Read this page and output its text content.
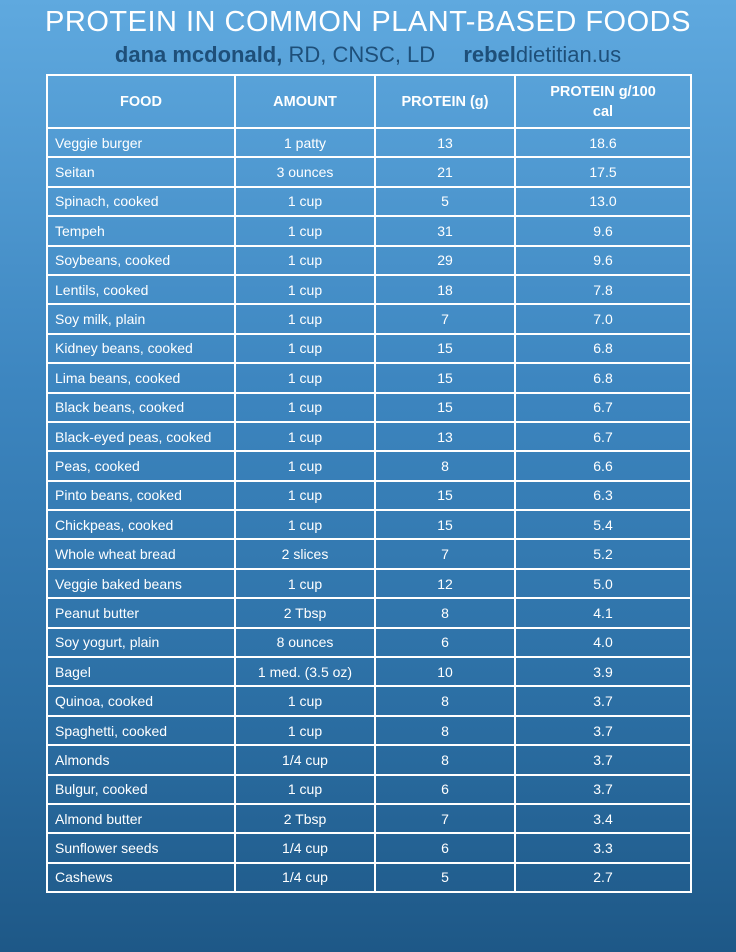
PROTEIN IN COMMON PLANT-BASED FOODS
dana mcdonald, RD, CNSC, LD rebeldietitian.us
FOOD	AMOUNT	PROTEIN (g)	PROTEIN g/100 cal
Veggie burger	1 patty	13	18.6
Seitan	3 ounces	21	17.5
Spinach, cooked	1 cup	5	13.0
Tempeh	1 cup	31	9.6
Soybeans, cooked	1 cup	29	9.6
Lentils, cooked	1 cup	18	7.8
Soy milk, plain	1 cup	7	7.0
Kidney beans, cooked	1 cup	15	6.8
Lima beans, cooked	1 cup	15	6.8
Black beans, cooked	1 cup	15	6.7
Black-eyed peas, cooked	1 cup	13	6.7
Peas, cooked	1 cup	8	6.6
Pinto beans, cooked	1 cup	15	6.3
Chickpeas, cooked	1 cup	15	5.4
Whole wheat bread	2 slices	7	5.2
Veggie baked beans	1 cup	12	5.0
Peanut butter	2 Tbsp	8	4.1
Soy yogurt, plain	8 ounces	6	4.0
Bagel	1 med. (3.5 oz)	10	3.9
Quinoa, cooked	1 cup	8	3.7
Spaghetti, cooked	1 cup	8	3.7
Almonds	1/4 cup	8	3.7
Bulgur, cooked	1 cup	6	3.7
Almond butter	2 Tbsp	7	3.4
Sunflower seeds	1/4 cup	6	3.3
Cashews	1/4 cup	5	2.7
